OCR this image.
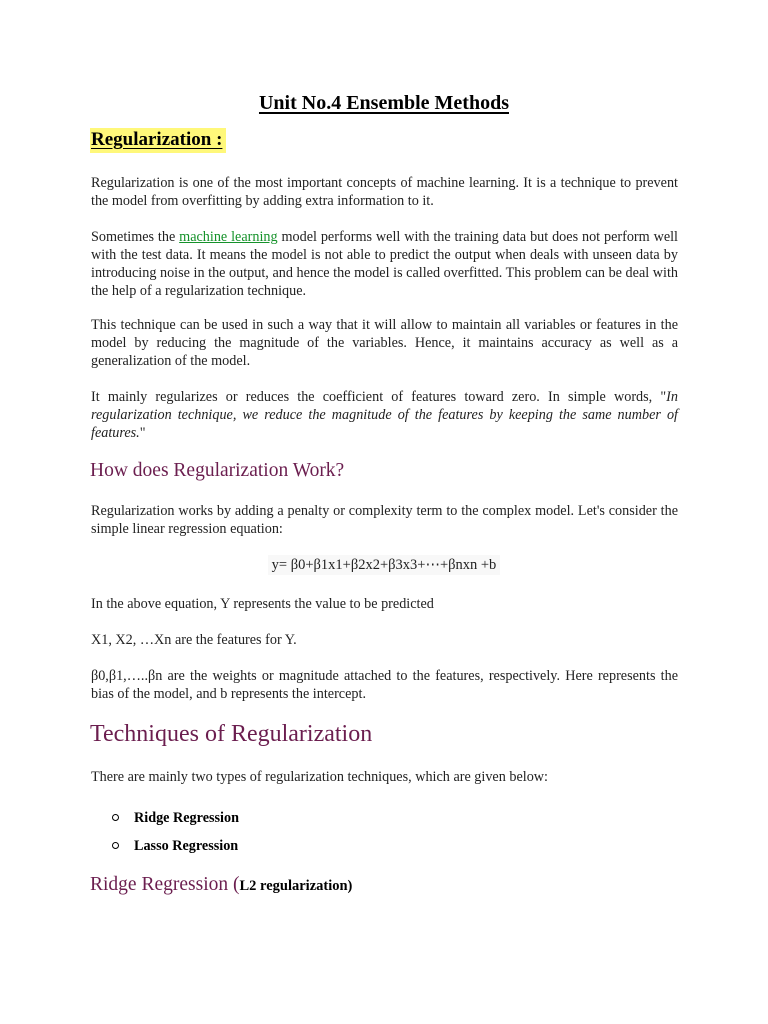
Unit No.4 Ensemble Methods
Regularization :
Regularization is one of the most important concepts of machine learning. It is a technique to prevent the model from overfitting by adding extra information to it.
Sometimes the machine learning model performs well with the training data but does not perform well with the test data. It means the model is not able to predict the output when deals with unseen data by introducing noise in the output, and hence the model is called overfitted. This problem can be deal with the help of a regularization technique.
This technique can be used in such a way that it will allow to maintain all variables or features in the model by reducing the magnitude of the variables. Hence, it maintains accuracy as well as a generalization of the model.
It mainly regularizes or reduces the coefficient of features toward zero. In simple words, "In regularization technique, we reduce the magnitude of the features by keeping the same number of features."
How does Regularization Work?
Regularization works by adding a penalty or complexity term to the complex model. Let's consider the simple linear regression equation:
y= β0+β1x1+β2x2+β3x3+⋯+βnxn +b
In the above equation, Y represents the value to be predicted
X1, X2, …Xn are the features for Y.
β0,β1,…..βn are the weights or magnitude attached to the features, respectively. Here represents the bias of the model, and b represents the intercept.
Techniques of Regularization
There are mainly two types of regularization techniques, which are given below:
Ridge Regression
Lasso Regression
Ridge Regression (L2 regularization)
